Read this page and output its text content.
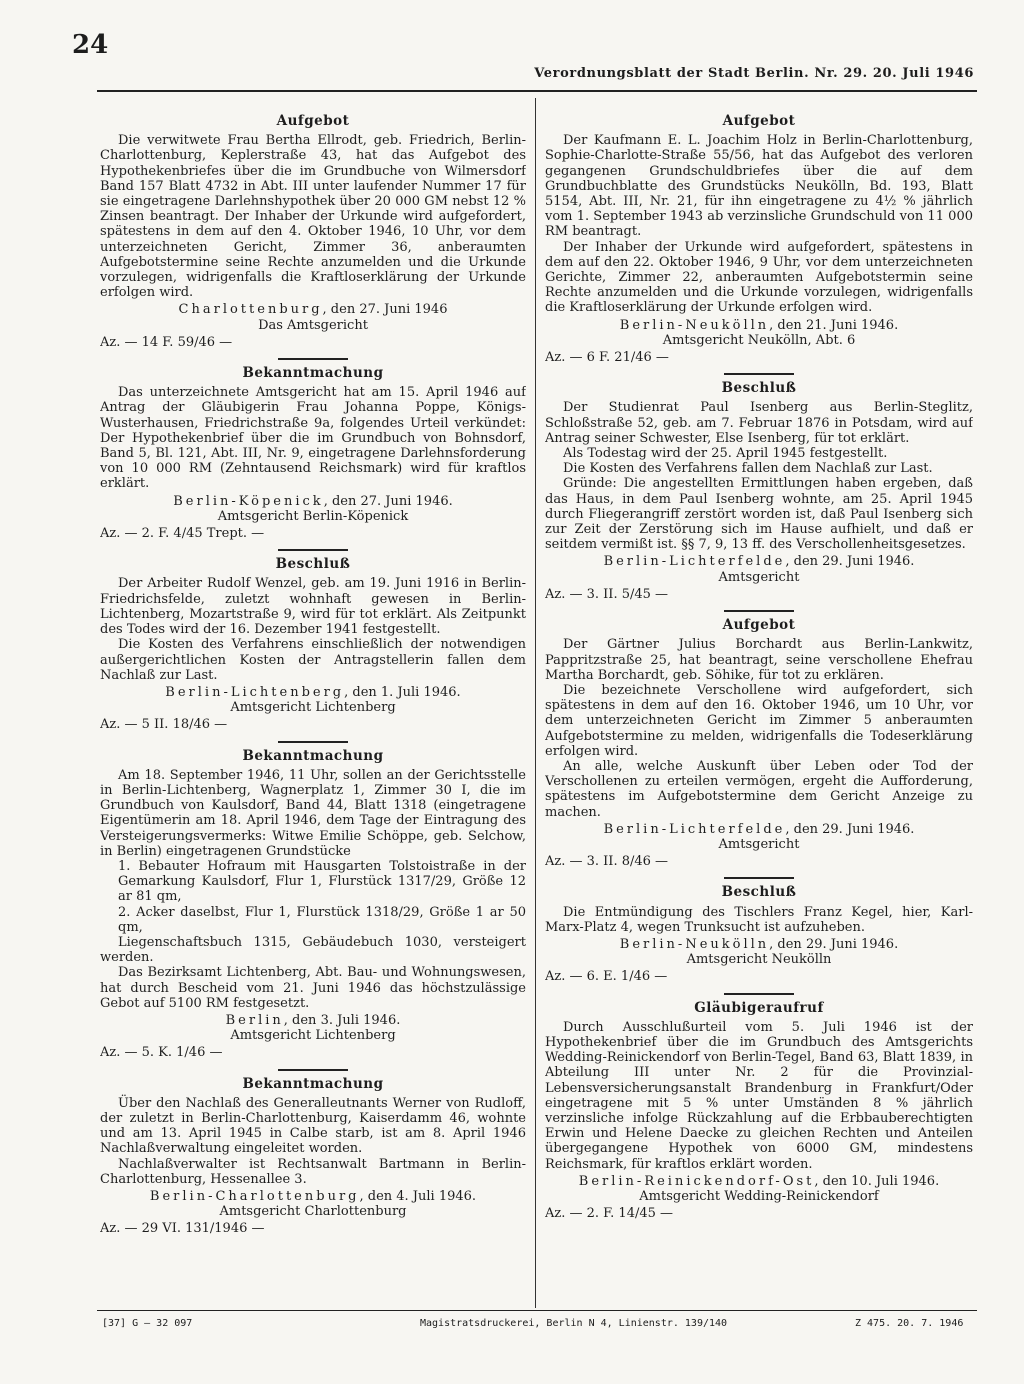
24
Verordnungsblatt der Stadt Berlin. Nr. 29. 20. Juli 1946
Aufgebot

Die verwitwete Frau Bertha Ellrodt, geb. Friedrich, Berlin-Charlottenburg, Keplerstraße 43, hat das Aufgebot des Hypothekenbriefes über die im Grundbuche von Wilmersdorf Band 157 Blatt 4732 in Abt. III unter laufender Nummer 17 für sie eingetragene Darlehnshypothek über 20 000 GM nebst 12 % Zinsen beantragt. Der Inhaber der Urkunde wird aufgefordert, spätestens in dem auf den 4. Oktober 1946, 10 Uhr, vor dem unterzeichneten Gericht, Zimmer 36, anberaumten Aufgebotstermine seine Rechte anzumelden und die Urkunde vorzulegen, widrigenfalls die Kraftloserklärung der Urkunde erfolgen wird.

Charlottenburg, den 27. Juni 1946
Das Amtsgericht
Az. — 14 F. 59/46 —
Bekanntmachung

Das unterzeichnete Amtsgericht hat am 15. April 1946 auf Antrag der Gläubigerin Frau Johanna Poppe, Königs-Wusterhausen, Friedrichstraße 9a, folgendes Urteil verkündet: Der Hypothekenbrief über die im Grundbuch von Bohnsdorf, Band 5, Bl. 121, Abt. III, Nr. 9, eingetragene Darlehnsforderung von 10 000 RM (Zehntausend Reichsmark) wird für kraftlos erklärt.

Berlin-Köpenick, den 27. Juni 1946.
Amtsgericht Berlin-Köpenick
Az. — 2. F. 4/45 Trept. —
Beschluß

Der Arbeiter Rudolf Wenzel, geb. am 19. Juni 1916 in Berlin-Friedrichsfelde, zuletzt wohnhaft gewesen in Berlin-Lichtenberg, Mozartstraße 9, wird für tot erklärt. Als Zeitpunkt des Todes wird der 16. Dezember 1941 festgestellt.

Die Kosten des Verfahrens einschließlich der notwendigen außergerichtlichen Kosten der Antragstellerin fallen dem Nachlaß zur Last.

Berlin-Lichtenberg, den 1. Juli 1946.
Amtsgericht Lichtenberg
Az. — 5 II. 18/46 —
Bekanntmachung

Am 18. September 1946, 11 Uhr, sollen an der Gerichtsstelle in Berlin-Lichtenberg, Wagnerplatz 1, Zimmer 30 I, die im Grundbuch von Kaulsdorf, Band 44, Blatt 1318 (eingetragene Eigentümerin am 18. April 1946, dem Tage der Eintragung des Versteigerungsvermerks: Witwe Emilie Schöppe, geb. Selchow, in Berlin) eingetragenen Grundstücke

1. Bebauter Hofraum mit Hausgarten Tolstoistraße in der Gemarkung Kaulsdorf, Flur 1, Flurstück 1317/29, Größe 12 ar 81 qm,
2. Acker daselbst, Flur 1, Flurstück 1318/29, Größe 1 ar 50 qm,

Liegenschaftsbuch 1315, Gebäudebuch 1030, versteigert werden.

Das Bezirksamt Lichtenberg, Abt. Bau- und Wohnungswesen, hat durch Bescheid vom 21. Juni 1946 das höchstzulässige Gebot auf 5100 RM festgesetzt.

Berlin, den 3. Juli 1946.
Amtsgericht Lichtenberg
Az. — 5. K. 1/46 —
Bekanntmachung

Über den Nachlaß des Generalleutnants Werner von Rudloff, der zuletzt in Berlin-Charlottenburg, Kaiserdamm 46, wohnte und am 13. April 1945 in Calbe starb, ist am 8. April 1946 Nachlaßverwaltung eingeleitet worden.

Nachlaßverwalter ist Rechtsanwalt Bartmann in Berlin-Charlottenburg, Hessenallee 3.

Berlin-Charlottenburg, den 4. Juli 1946.
Amtsgericht Charlottenburg
Az. — 29 VI. 131/1946 —
Aufgebot

Der Kaufmann E. L. Joachim Holz in Berlin-Charlottenburg, Sophie-Charlotte-Straße 55/56, hat das Aufgebot des verloren gegangenen Grundschuldbriefes über die auf dem Grundbuchblatte des Grundstücks Neukölln, Bd. 193, Blatt 5154, Abt. III, Nr. 21, für ihn eingetragene zu 4½ % jährlich vom 1. September 1943 ab verzinsliche Grundschuld von 11 000 RM beantragt.

Der Inhaber der Urkunde wird aufgefordert, spätestens in dem auf den 22. Oktober 1946, 9 Uhr, vor dem unterzeichneten Gerichte, Zimmer 22, anberaumten Aufgebotstermin seine Rechte anzumelden und die Urkunde vorzulegen, widrigenfalls die Kraftloserklärung der Urkunde erfolgen wird.

Berlin-Neukölln, den 21. Juni 1946.
Amtsgericht Neukölln, Abt. 6
Az. — 6 F. 21/46 —
Beschluß

Der Studienrat Paul Isenberg aus Berlin-Steglitz, Schloßstraße 52, geb. am 7. Februar 1876 in Potsdam, wird auf Antrag seiner Schwester, Else Isenberg, für tot erklärt.

Als Todestag wird der 25. April 1945 festgestellt.

Die Kosten des Verfahrens fallen dem Nachlaß zur Last.

Gründe: Die angestellten Ermittlungen haben ergeben, daß das Haus, in dem Paul Isenberg wohnte, am 25. April 1945 durch Fliegerangriff zerstört worden ist, daß Paul Isenberg sich zur Zeit der Zerstörung sich im Hause aufhielt, und daß er seitdem vermißt ist. §§ 7, 9, 13 ff. des Verschollenheitsgesetzes.

Berlin-Lichterfelde, den 29. Juni 1946.
Amtsgericht
Az. — 3. II. 5/45 —
Aufgebot

Der Gärtner Julius Borchardt aus Berlin-Lankwitz, Pappritzstraße 25, hat beantragt, seine verschollene Ehefrau Martha Borchardt, geb. Söhike, für tot zu erklären.

Die bezeichnete Verschollene wird aufgefordert, sich spätestens in dem auf den 16. Oktober 1946, um 10 Uhr, vor dem unterzeichneten Gericht im Zimmer 5 anberaumten Aufgebotstermine zu melden, widrigenfalls die Todeserklärung erfolgen wird.

An alle, welche Auskunft über Leben oder Tod der Verschollenen zu erteilen vermögen, ergeht die Aufforderung, spätestens im Aufgebotstermine dem Gericht Anzeige zu machen.

Berlin-Lichterfelde, den 29. Juni 1946.
Amtsgericht
Az. — 3. II. 8/46 —
Beschluß

Die Entmündigung des Tischlers Franz Kegel, hier, Karl-Marx-Platz 4, wegen Trunksucht ist aufzuheben.

Berlin-Neukölln, den 29. Juni 1946.
Amtsgericht Neukölln
Az. — 6. E. 1/46 —
Gläubigeraufruf

Durch Ausschlußurteil vom 5. Juli 1946 ist der Hypothekenbrief über die im Grundbuch des Amtsgerichts Wedding-Reinickendorf von Berlin-Tegel, Band 63, Blatt 1839, in Abteilung III unter Nr. 2 für die Provinzial-Lebensversicherungsanstalt Brandenburg in Frankfurt/Oder eingetragene mit 5 % unter Umständen 8 % jährlich verzinsliche infolge Rückzahlung auf die Erbbauberechtigten Erwin und Helene Daecke zu gleichen Rechten und Anteilen übergegangene Hypothek von 6000 GM, mindestens Reichsmark, für kraftlos erklärt worden.

Berlin-Reinickendorf-Ost, den 10. Juli 1946.
Amtsgericht Wedding-Reinickendorf
Az. — 2. F. 14/45 —
[37] G — 32 097	Magistratsdruckerei, Berlin N 4, Linienstr. 139/140	Z 475. 20. 7. 1946
